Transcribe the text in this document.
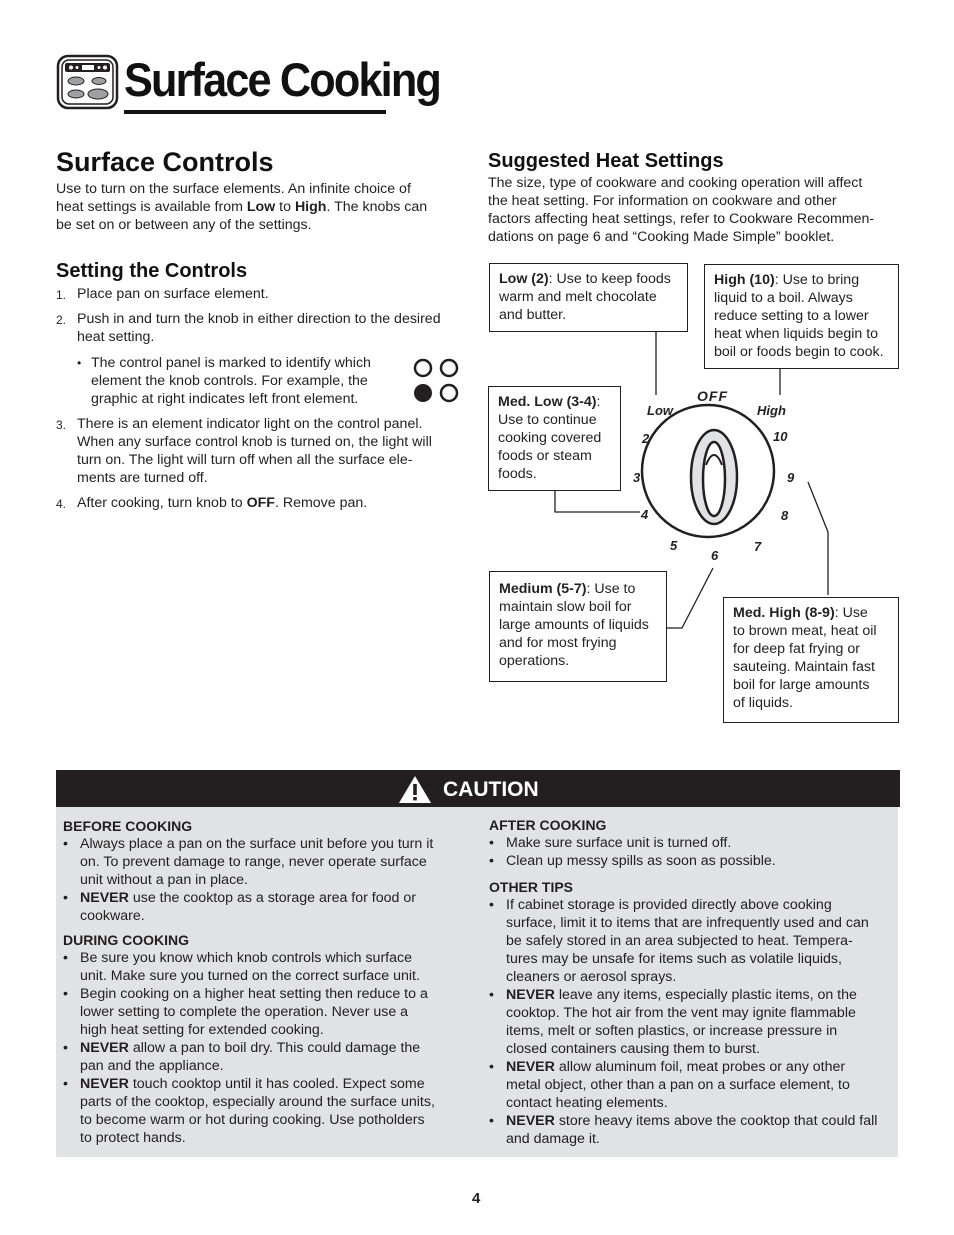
Surface Cooking
Surface Controls

Use to turn on the surface elements. An infinite choice of

heat settings is available from Low to High. The knobs can

be set on or between any of the settings.

Setting the Controls
1. Place pan on surface element.
2. Push in and turn the knob in either direction to the desired

heat setting.

• The control panel is marked to identify which

element the knob controls. For example, the

graphic at right indicates left front element.

3. There is an element indicator light on the control panel.

When any surface control knob is turned on, the light will

turn on. The light will turn off when all the surface ele-

ments are turned off.

4. After cooking, turn knob to OFF. Remove pan.
Suggested Heat Settings

The size, type of cookware and cooking operation will affect

the heat setting. For information on cookware and other

factors affecting heat settings, refer to Cookware Recommen-

dations on page 6 and “Cooking Made Simple” booklet.

OFF
Low	High
2
3
4
5
6
7
8
9
10

Low (2): Use to keep foods

warm and melt chocolate

and butter.

High (10): Use to bring

liquid to a boil. Always

reduce setting to a lower

heat when liquids begin to

boil or foods begin to cook.

Med. Low (3-4):

Use to continue

cooking covered

foods or steam

foods.

Medium (5-7): Use to

maintain slow boil for

large amounts of liquids

and for most frying

operations.

Med. High (8-9): Use

to brown meat, heat oil

for deep fat frying or

sauteing. Maintain fast

boil for large amounts

of liquids.

CAUTION
BEFORE COOKING
• Always place a pan on the surface unit before you turn it

on. To prevent damage to range, never operate surface

unit without a pan in place.

• NEVER use the cooktop as a storage area for food or

cookware.

DURING COOKING
• Be sure you know which knob controls which surface

unit. Make sure you turned on the correct surface unit.

• Begin cooking on a higher heat setting then reduce to a

lower setting to complete the operation. Never use a

high heat setting for extended cooking.

• NEVER allow a pan to boil dry. This could damage the

pan and the appliance.

• NEVER touch cooktop until it has cooled. Expect some

parts of the cooktop, especially around the surface units,

to become warm or hot during cooking. Use potholders

to protect hands.

AFTER COOKING
• Make sure surface unit is turned off.

• Clean up messy spills as soon as possible.

OTHER TIPS
• If cabinet storage is provided directly above cooking

surface, limit it to items that are infrequently used and can

be safely stored in an area subjected to heat. Tempera-

tures may be unsafe for items such as volatile liquids,

cleaners or aerosol sprays.

• NEVER leave any items, especially plastic items, on the

cooktop. The hot air from the vent may ignite flammable

items, melt or soften plastics, or increase pressure in

closed containers causing them to burst.

• NEVER allow aluminum foil, meat probes or any other

metal object, other than a pan on a surface element, to

contact heating elements.

• NEVER store heavy items above the cooktop that could fall

and damage it.

4
